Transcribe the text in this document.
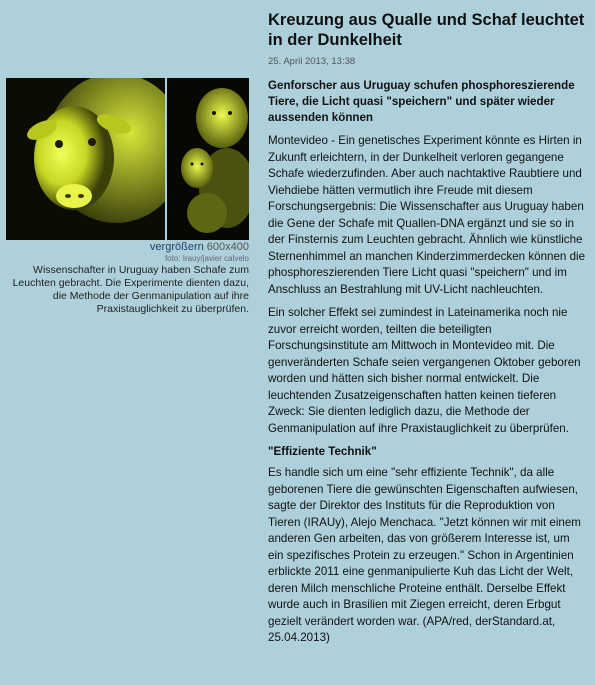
vergrößern 600x400
foto: Irauy/javier calvelo
Wissenschafter in Uruguay haben Schafe zum Leuchten gebracht. Die Experimente dienten dazu, die Methode der Genmanipulation auf ihre Praxistauglichkeit zu überprüfen.
Kreuzung aus Qualle und Schaf leuchtet in der Dunkelheit
25. April 2013, 13:38
Genforscher aus Uruguay schufen phosphoreszierende Tiere, die Licht quasi "speichern" und später wieder aussenden können

Montevideo - Ein genetisches Experiment könnte es Hirten in Zukunft erleichtern, in der Dunkelheit verloren gegangene Schafe wiederzufinden. Aber auch nachtaktive Raubtiere und Viehdiebe hätten vermutlich ihre Freude mit diesem Forschungsergebnis: Die Wissenschafter aus Uruguay haben die Gene der Schafe mit Quallen-DNA ergänzt und sie so in der Finsternis zum Leuchten gebracht. Ähnlich wie künstliche Sternenhimmel an manchen Kinderzimmerdecken können die phosphoreszierenden Tiere Licht quasi "speichern" und im Anschluss an Bestrahlung mit UV-Licht nachleuchten.

Ein solcher Effekt sei zumindest in Lateinamerika noch nie zuvor erreicht worden, teilten die beteiligten Forschungsinstitute am Mittwoch in Montevideo mit. Die genveränderten Schafe seien vergangenen Oktober geboren worden und hätten sich bisher normal entwickelt. Die leuchtenden Zusatzeigenschaften hatten keinen tieferen Zweck: Sie dienten lediglich dazu, die Methode der Genmanipulation auf ihre Praxistauglichkeit zu überprüfen.

"Effiziente Technik"

Es handle sich um eine "sehr effiziente Technik", da alle geborenen Tiere die gewünschten Eigenschaften aufwiesen, sagte der Direktor des Instituts für die Reproduktion von Tieren (IRAUy), Alejo Menchaca. "Jetzt können wir mit einem anderen Gen arbeiten, das von größerem Interesse ist, um ein spezifisches Protein zu erzeugen." Schon in Argentinien erblickte 2011 eine genmanipulierte Kuh das Licht der Welt, deren Milch menschliche Proteine enthält. Derselbe Effekt wurde auch in Brasilien mit Ziegen erreicht, deren Erbgut gezielt verändert worden war. (APA/red, derStandard.at, 25.04.2013)
